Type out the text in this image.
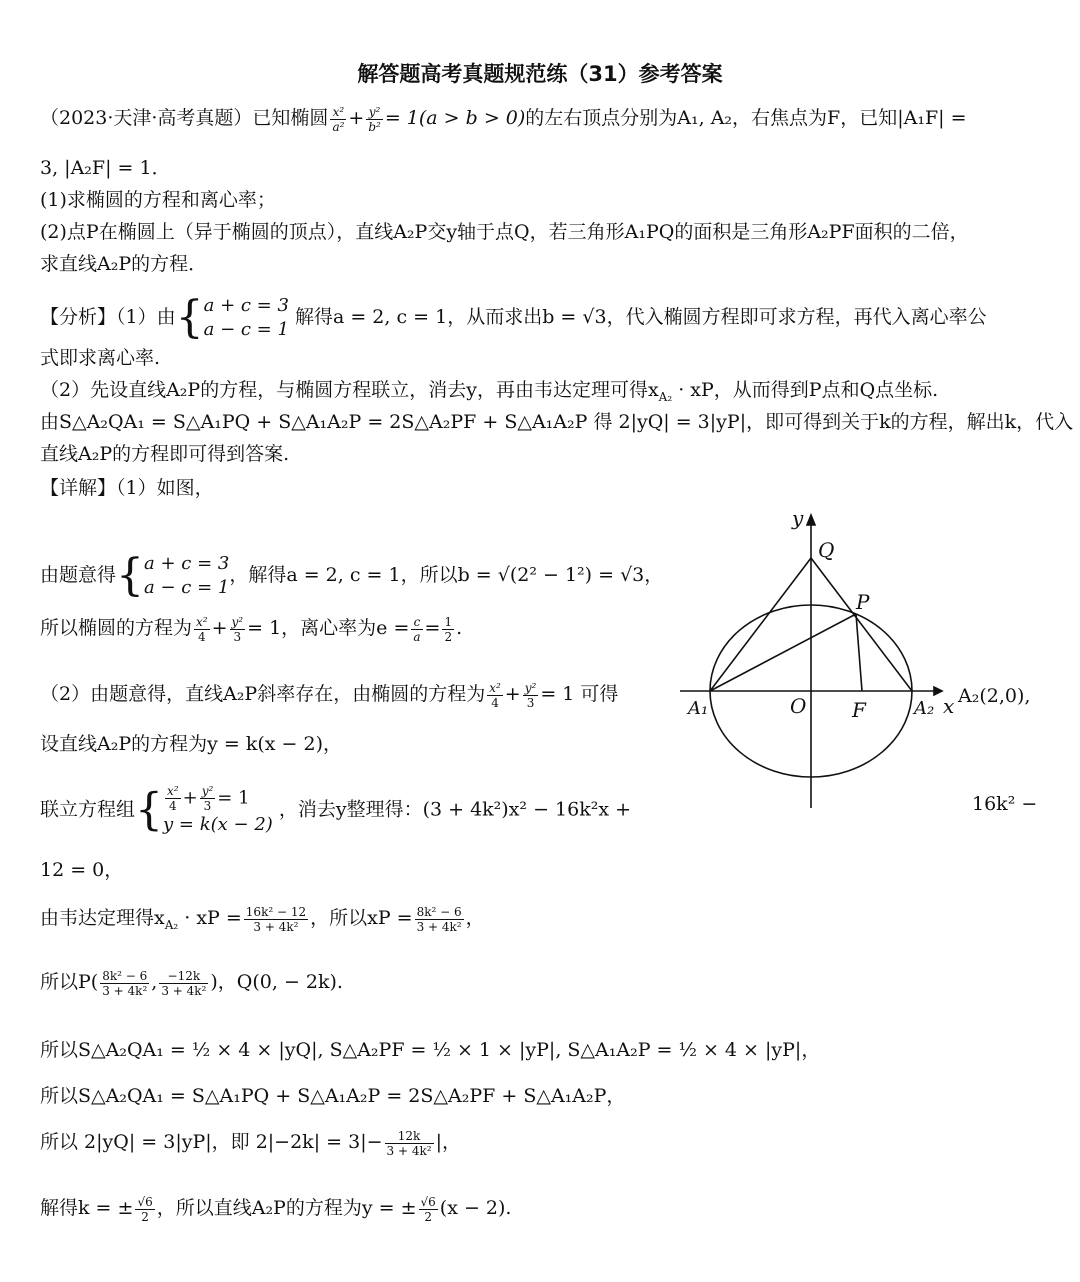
解答题高考真题规范练（31）参考答案
（2023·天津·高考真题）已知椭圆 $\frac{\text{x²}}{\text{a²}} + \frac{\text{y²}}{\text{b²}} = 1(a > b > 0)$的左右顶点分别为A₁, A₂，右焦点为F，已知|A₁F| =
3, |A₂F| = 1．
(1)求椭圆的方程和离心率；
(2)点P在椭圆上（异于椭圆的顶点），直线A₂P交y轴于点Q，若三角形A₁PQ的面积是三角形A₂PF面积的二倍，
求直线A₂P的方程．
【分析】（1）由{a + c = 3
a − c = 1 解得a = 2, c = 1，从而求出b = √3，代入椭圆方程即可求方程，再代入离心率公
式即求离心率.
（2）先设直线A₂P的方程，与椭圆方程联立，消去y，再由韦达定理可得$x_{A_2}$ · xP，从而得到P点和Q点坐标.
由S△A₂QA₁ = S△A₁PQ + S△A₁A₂P = 2S△A₂PF + S△A₁A₂P 得 2|yQ| = 3|yP|，即可得到关于k的方程，解出k，代入
直线A₂P的方程即可得到答案.
【详解】（1）如图，
由题意得{a + c = 3
a − c = 1，解得a = 2, c = 1，所以b = √(2² − 1²) = √3，
所以椭圆的方程为 $\frac{\text{x²}}{4} + \frac{\text{y²}}{3} = 1$，离心率为$e = \frac{c}{a} = \frac{1}{2}$ .
（2）由题意得，直线A₂P斜率存在，由椭圆的方程为 $\frac{\text{x²}}{4} + \frac{\text{y²}}{3} = 1$ 可得
设直线A₂P的方程为y = k(x − 2)，
联立方程组{ $\frac{\text{x²}}{4} + \frac{\text{y²}}{3} = 1$
y = k(x − 2) ，消去y整理得：(3 + 4k²)x² − 16k²x +	16k² −
12 = 0，
由韦达定理得$x_{A_2}$ · xP = $\frac{\text{16k² − 12}}{\text{3 + 4k²}}$ ，所以xP = $\frac{\text{8k² − 6}}{\text{3 + 4k²}}$ ，
所以$P( \frac{\text{8k² − 6}}{\text{3 + 4k²}}$ , $\frac{-12k}{\text{3 + 4k²}}$ )，Q(0, − 2k).
所以S△A₂QA₁ = ½ × 4 × |yQ|, S△A₂PF = ½ × 1 × |yP|, S△A₁A₂P = ½ × 4 × |yP|，
所以S△A₂QA₁ = S△A₁PQ + S△A₁A₂P = 2S△A₂PF + S△A₁A₂P，
所以 2|yQ| = 3|yP|，即 $2|-2k| = 3|- \frac{12k}{\text{3 + 4k²}}$ |，
解得k = ± $\frac{√6}{2}$ ，所以直线A₂P的方程为y = ± $\frac{√6}{2} (x - 2)$.
y
Q
P
O F
A₁	A₂ x A₂(2,0),
